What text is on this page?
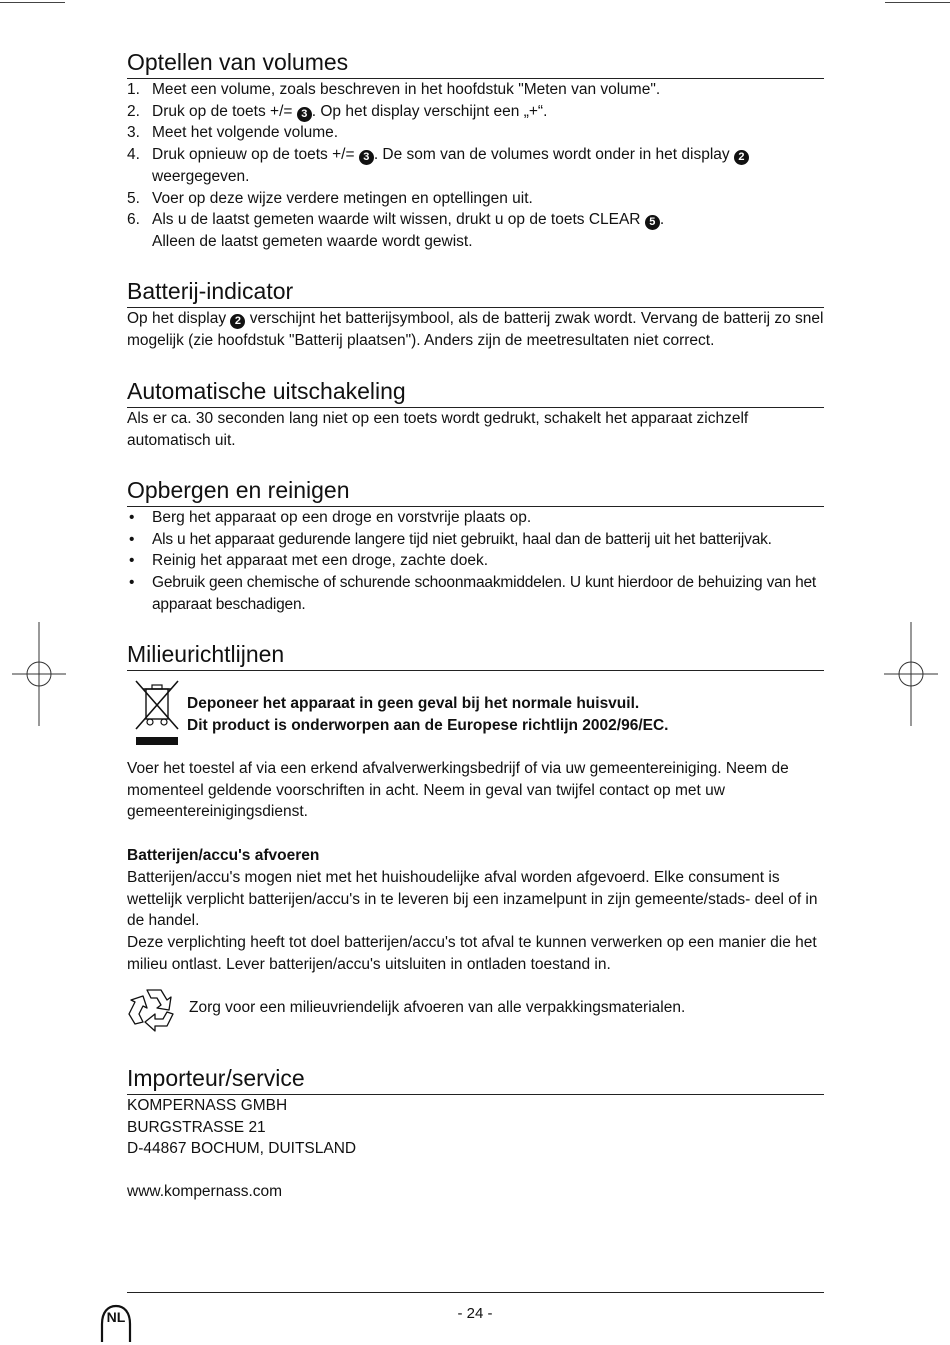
Optellen van volumes
1. Meet een volume, zoals beschreven in het hoofdstuk "Meten van volume".
2. Druk op de toets +/= 3 . Op het display verschijnt een „+“.
3. Meet het volgende volume.
4. Druk opnieuw op de toets +/= 3 . De som van de volumes wordt onder in het display 2 weergegeven.
5. Voer op deze wijze verdere metingen en optellingen uit.
6. Als u de laatst gemeten waarde wilt wissen, drukt u op de toets CLEAR 5 .
Alleen de laatst gemeten waarde wordt gewist.
Batterij-indicator

Op het display 2 verschijnt het batterijsymbool, als de batterij zwak wordt. Vervang de batterij zo snel mogelijk (zie hoofdstuk "Batterij plaatsen"). Anders zijn de meetresultaten niet correct.

Automatische uitschakeling

Als er ca. 30 seconden lang niet op een toets wordt gedrukt, schakelt het apparaat zichzelf automatisch uit.

Opbergen en reinigen
• Berg het apparaat op een droge en vorstvrije plaats op.
• Als u het apparaat gedurende langere tijd niet gebruikt, haal dan de batterij uit het batterijvak.
• Reinig het apparaat met een droge, zachte doek.
• Gebruik geen chemische of schurende schoonmaakmiddelen. U kunt hierdoor de behuizing van het apparaat beschadigen.
Milieurichtlijnen
Deponeer het apparaat in geen geval bij het normale huisvuil.
Dit product is onderworpen aan de Europese richtlijn 2002/96/EC.

Voer het toestel af via een erkend afvalverwerkingsbedrijf of via uw gemeentereiniging. Neem de momenteel geldende voorschriften in acht. Neem in geval van twijfel contact op met uw gemeentereinigingsdienst.

Batterijen/accu's afvoeren

Batterijen/accu's mogen niet met het huishoudelijke afval worden afgevoerd. Elke consument is wettelijk verplicht batterijen/accu's in te leveren bij een inzamelpunt in zijn gemeente/stads- deel of in de handel.

Deze verplichting heeft tot doel batterijen/accu's tot afval te kunnen verwerken op een manier die het milieu ontlast. Lever batterijen/accu's uitsluiten in ontladen toestand in.

Zorg voor een milieuvriendelijk afvoeren van alle verpakkingsmaterialen.
Importeur/service
KOMPERNASS GMBH
BURGSTRASSE 21
D-44867 BOCHUM, DUITSLAND
www.kompernass.com
NL	- 24 -
